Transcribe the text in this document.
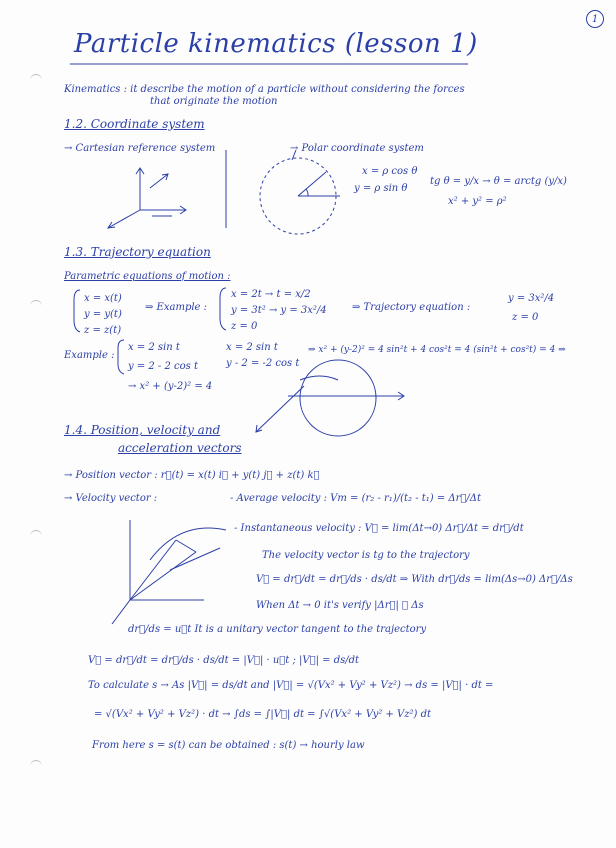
1
Particle kinematics (lesson 1)
Kinematics : it describe the motion of a particle without considering the forces
that originate the motion
1.2. Coordinate system
→ Cartesian reference system	→ Polar coordinate system
x = ρ cos θ
y = ρ sin θ
tg θ = y/x → θ = arctg (y/x)
x² + y² = ρ²
1.3. Trajectory equation
Parametric equations of motion :
x = x(t)
y = y(t)
z = z(t)
⇒ Example :
x = 2t → t = x/2
y = 3t² → y = 3x²/4
z = 0
⇒ Trajectory equation :
y = 3x²/4
z = 0
Example :
x = 2 sin t
y = 2 - 2 cos t
x = 2 sin t
y - 2 = -2 cos t
⇒ x² + (y-2)² = 4 sin²t + 4 cos²t = 4 (sin²t + cos²t) = 4 ⇒
→ x² + (y-2)² = 4
1.4. Position, velocity and
acceleration vectors
→ Position vector : r⃗(t) = x(t) i⃗ + y(t) j⃗ + z(t) k⃗
→ Velocity vector :	- Average velocity : Vm = (r₂ - r₁)/(t₂ - t₁) = Δr⃗/Δt
- Instantaneous velocity : V⃗ = lim(Δt→0) Δr⃗/Δt = dr⃗/dt
The velocity vector is tg to the trajectory
V⃗ = dr⃗/dt = dr⃗/ds · ds/dt ⇒ With dr⃗/ds = lim(Δs→0) Δr⃗/Δs
When Δt → 0 it's verify |Δr⃗| ≅ Δs
dr⃗/ds = u⃗t It is a unitary vector tangent to the trajectory
V⃗ = dr⃗/dt = dr⃗/ds · ds/dt = |V⃗| · u⃗t ; |V⃗| = ds/dt
To calculate s → As |V⃗| = ds/dt and |V⃗| = √(Vx² + Vy² + Vz²) → ds = |V⃗| · dt =
= √(Vx² + Vy² + Vz²) · dt → ∫ds = ∫|V⃗| dt = ∫√(Vx² + Vy² + Vz²) dt
From here s = s(t) can be obtained : s(t) → hourly law
